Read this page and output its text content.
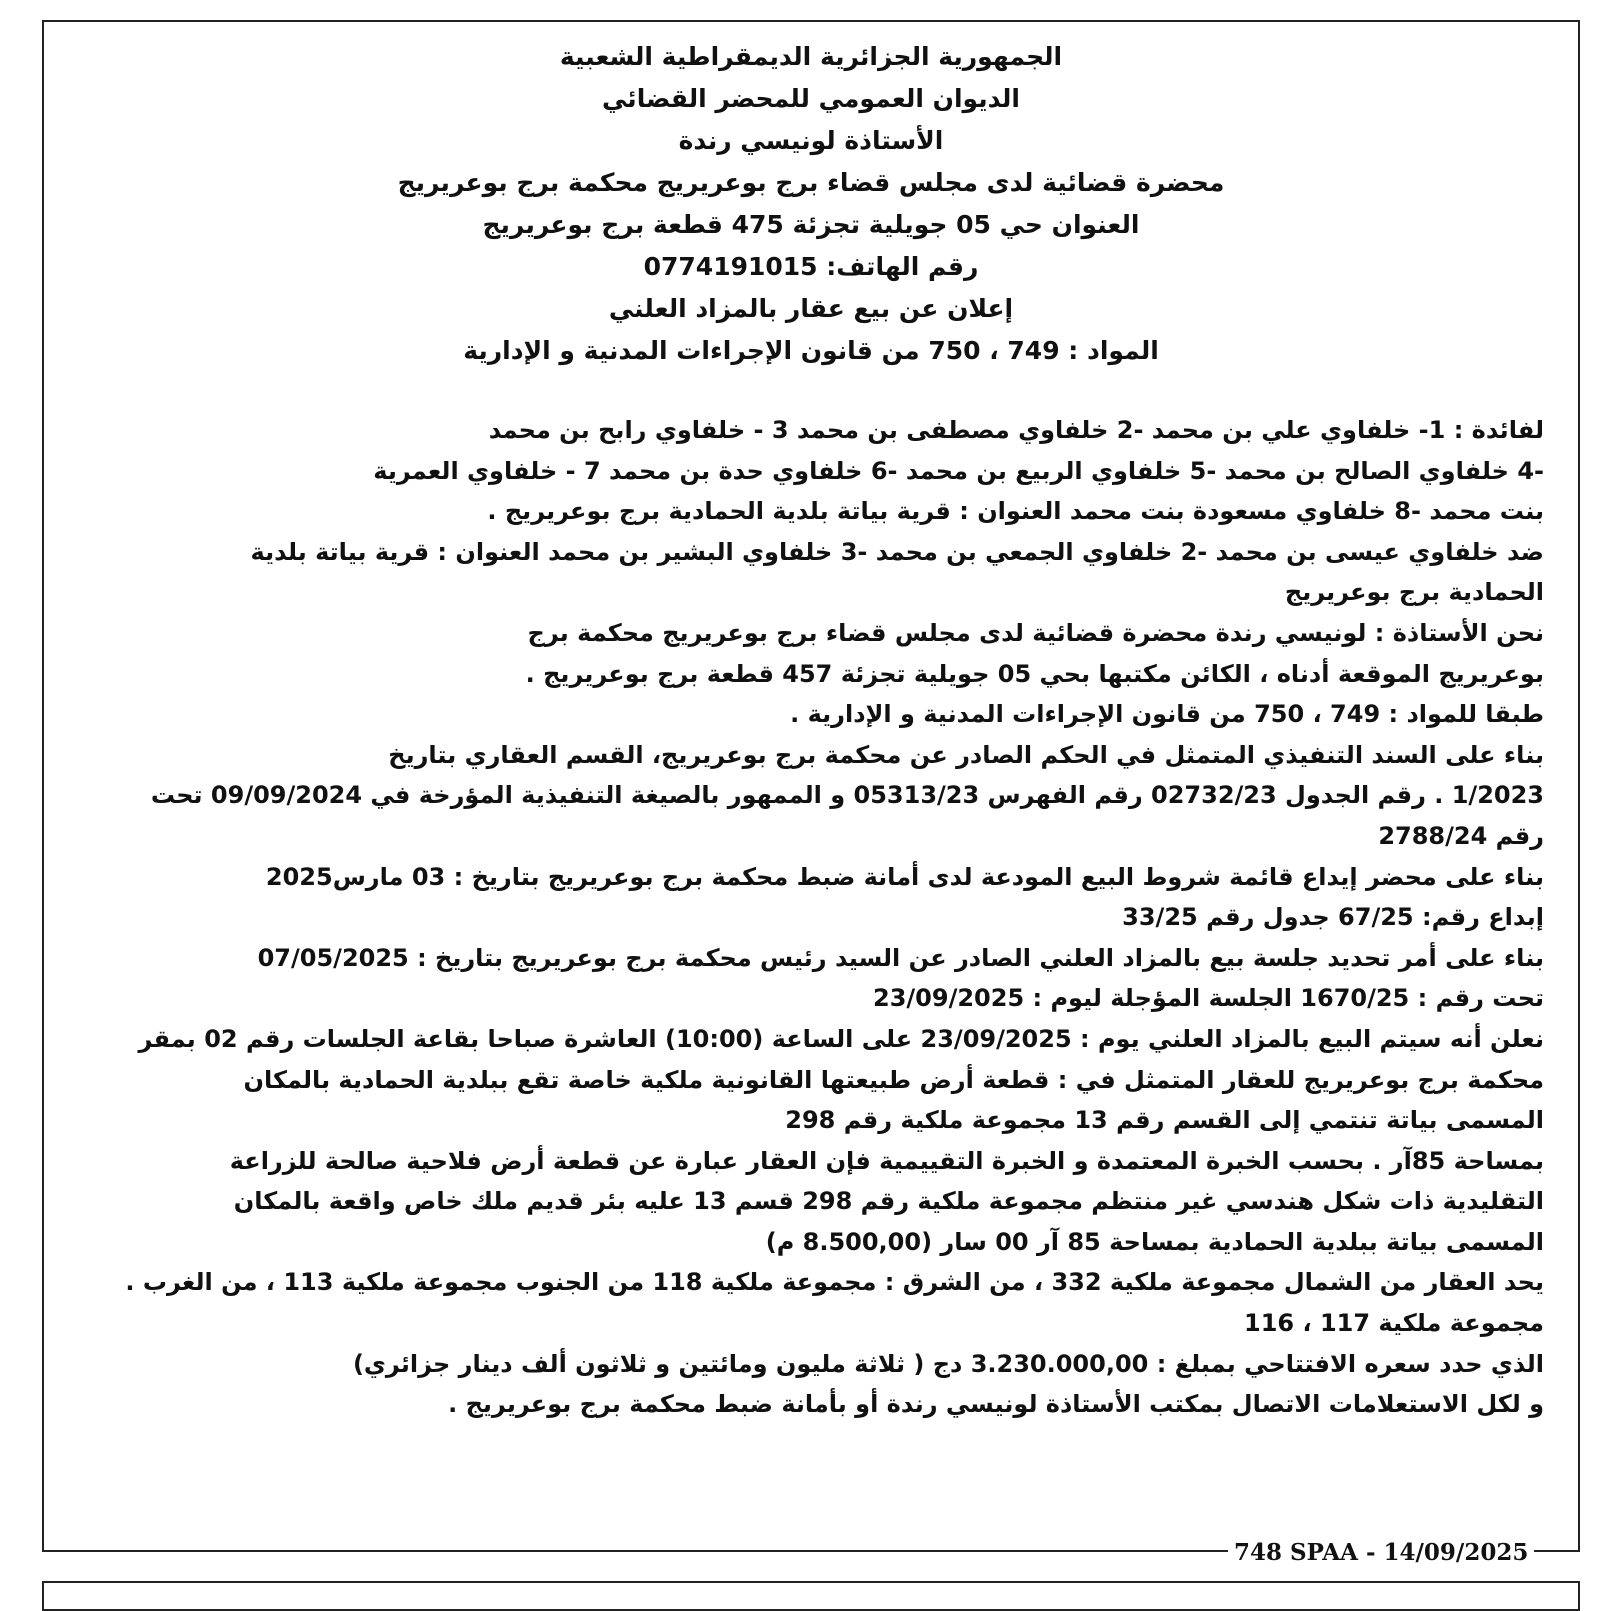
الجمهورية الجزائرية الديمقراطية الشعبية
الديوان العمومي للمحضر القضائي
الأستاذة لونيسي رندة
محضرة قضائية لدى مجلس قضاء برج بوعريريج محكمة برج بوعريريج
العنوان حي 05 جويلية تجزئة 475 قطعة برج بوعريريج
رقم الهاتف: 0774191015
إعلان عن بيع عقار بالمزاد العلني
المواد : 749 ، 750 من قانون الإجراءات المدنية و الإدارية
لفائدة : 1- خلفاوي علي بن محمد -2 خلفاوي مصطفى بن محمد 3 - خلفاوي رابح بن محمد
-4 خلفاوي الصالح بن محمد -5 خلفاوي الربيع بن محمد -6 خلفاوي حدة بن محمد 7 - خلفاوي العمرية
بنت محمد -8 خلفاوي مسعودة بنت محمد العنوان : قرية بياتة بلدية الحمادية برج بوعريريج .
ضد خلفاوي عيسى بن محمد -2 خلفاوي الجمعي بن محمد -3 خلفاوي البشير بن محمد العنوان : قرية بياتة بلدية
الحمادية برج بوعريريج
نحن الأستاذة : لونيسي رندة محضرة قضائية لدى مجلس قضاء برج بوعريريج محكمة برج
بوعريريج الموقعة أدناه ، الكائن مكتبها بحي 05 جويلية تجزئة 457 قطعة برج بوعريريج .
طبقا للمواد : 749 ، 750 من قانون الإجراءات المدنية و الإدارية .
بناء على السند التنفيذي المتمثل في الحكم الصادر عن محكمة برج بوعريريج، القسم العقاري بتاريخ
1/2023 . رقم الجدول 02732/23 رقم الفهرس 05313/23 و الممهور بالصيغة التنفيذية المؤرخة في 09/09/2024 تحت
رقم 2788/24
بناء على محضر إيداع قائمة شروط البيع المودعة لدى أمانة ضبط محكمة برج بوعريريج بتاريخ : 03 مارس2025
إبداع رقم: 67/25 جدول رقم 33/25
بناء على أمر تحديد جلسة بيع بالمزاد العلني الصادر عن السيد رئيس محكمة برج بوعريريج بتاريخ : 07/05/2025
تحت رقم : 1670/25 الجلسة المؤجلة ليوم : 23/09/2025
نعلن أنه سيتم البيع بالمزاد العلني يوم : 23/09/2025 على الساعة (10:00) العاشرة صباحا بقاعة الجلسات رقم 02 بمقر
محكمة برج بوعريريج للعقار المتمثل في : قطعة أرض طبيعتها القانونية ملكية خاصة تقع ببلدية الحمادية بالمكان
المسمى بياتة تنتمي إلى القسم رقم 13 مجموعة ملكية رقم 298
بمساحة 85آر . بحسب الخبرة المعتمدة و الخبرة التقييمية فإن العقار عبارة عن قطعة أرض فلاحية صالحة للزراعة
التقليدية ذات شكل هندسي غير منتظم مجموعة ملكية رقم 298 قسم 13 عليه بئر قديم ملك خاص واقعة بالمكان
المسمى بياتة ببلدية الحمادية بمساحة 85 آر 00 سار (8.500,00 م)
يحد العقار من الشمال مجموعة ملكية 332 ، من الشرق : مجموعة ملكية 118 من الجنوب مجموعة ملكية 113 ، من الغرب .
مجموعة ملكية 117 ، 116
الذي حدد سعره الافتتاحي بمبلغ : 3.230.000,00 دج ( ثلاثة مليون ومائتين و ثلاثون ألف دينار جزائري)
و لكل الاستعلامات الاتصال بمكتب الأستاذة لونيسي رندة أو بأمانة ضبط محكمة برج بوعريريج .
748 SPAA - 14/09/2025
